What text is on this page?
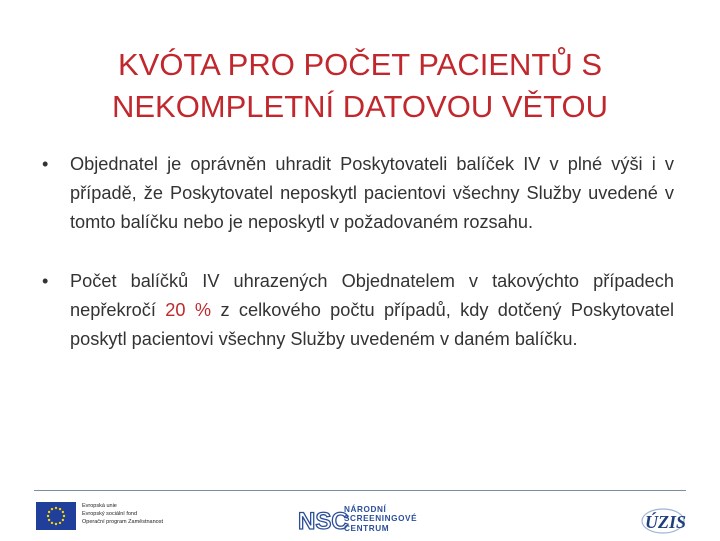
KVÓTA PRO POČET PACIENTŮ S
NEKOMPLETNÍ DATOVOU VĚTOU
• Objednatel je oprávněn uhradit Poskytovateli balíček IV v plné výši i v případě, že Poskytovatel neposkytl pacientovi všechny Služby uvedené v tomto balíčku nebo je neposkytl v požadovaném rozsahu.
• Počet balíčků IV uhrazených Objednatelem v takovýchto případech nepřekročí 20 % z celkového počtu případů, kdy dotčený Poskytovatel poskytl pacientovi všechny Služby uvedeném v daném balíčku.
Evropská unie
Evropský sociální fond
Operační program Zaměstnanost	NSC
NÁRODNÍ
SCREENINGOVÉ
CENTRUM	ÚZIS
